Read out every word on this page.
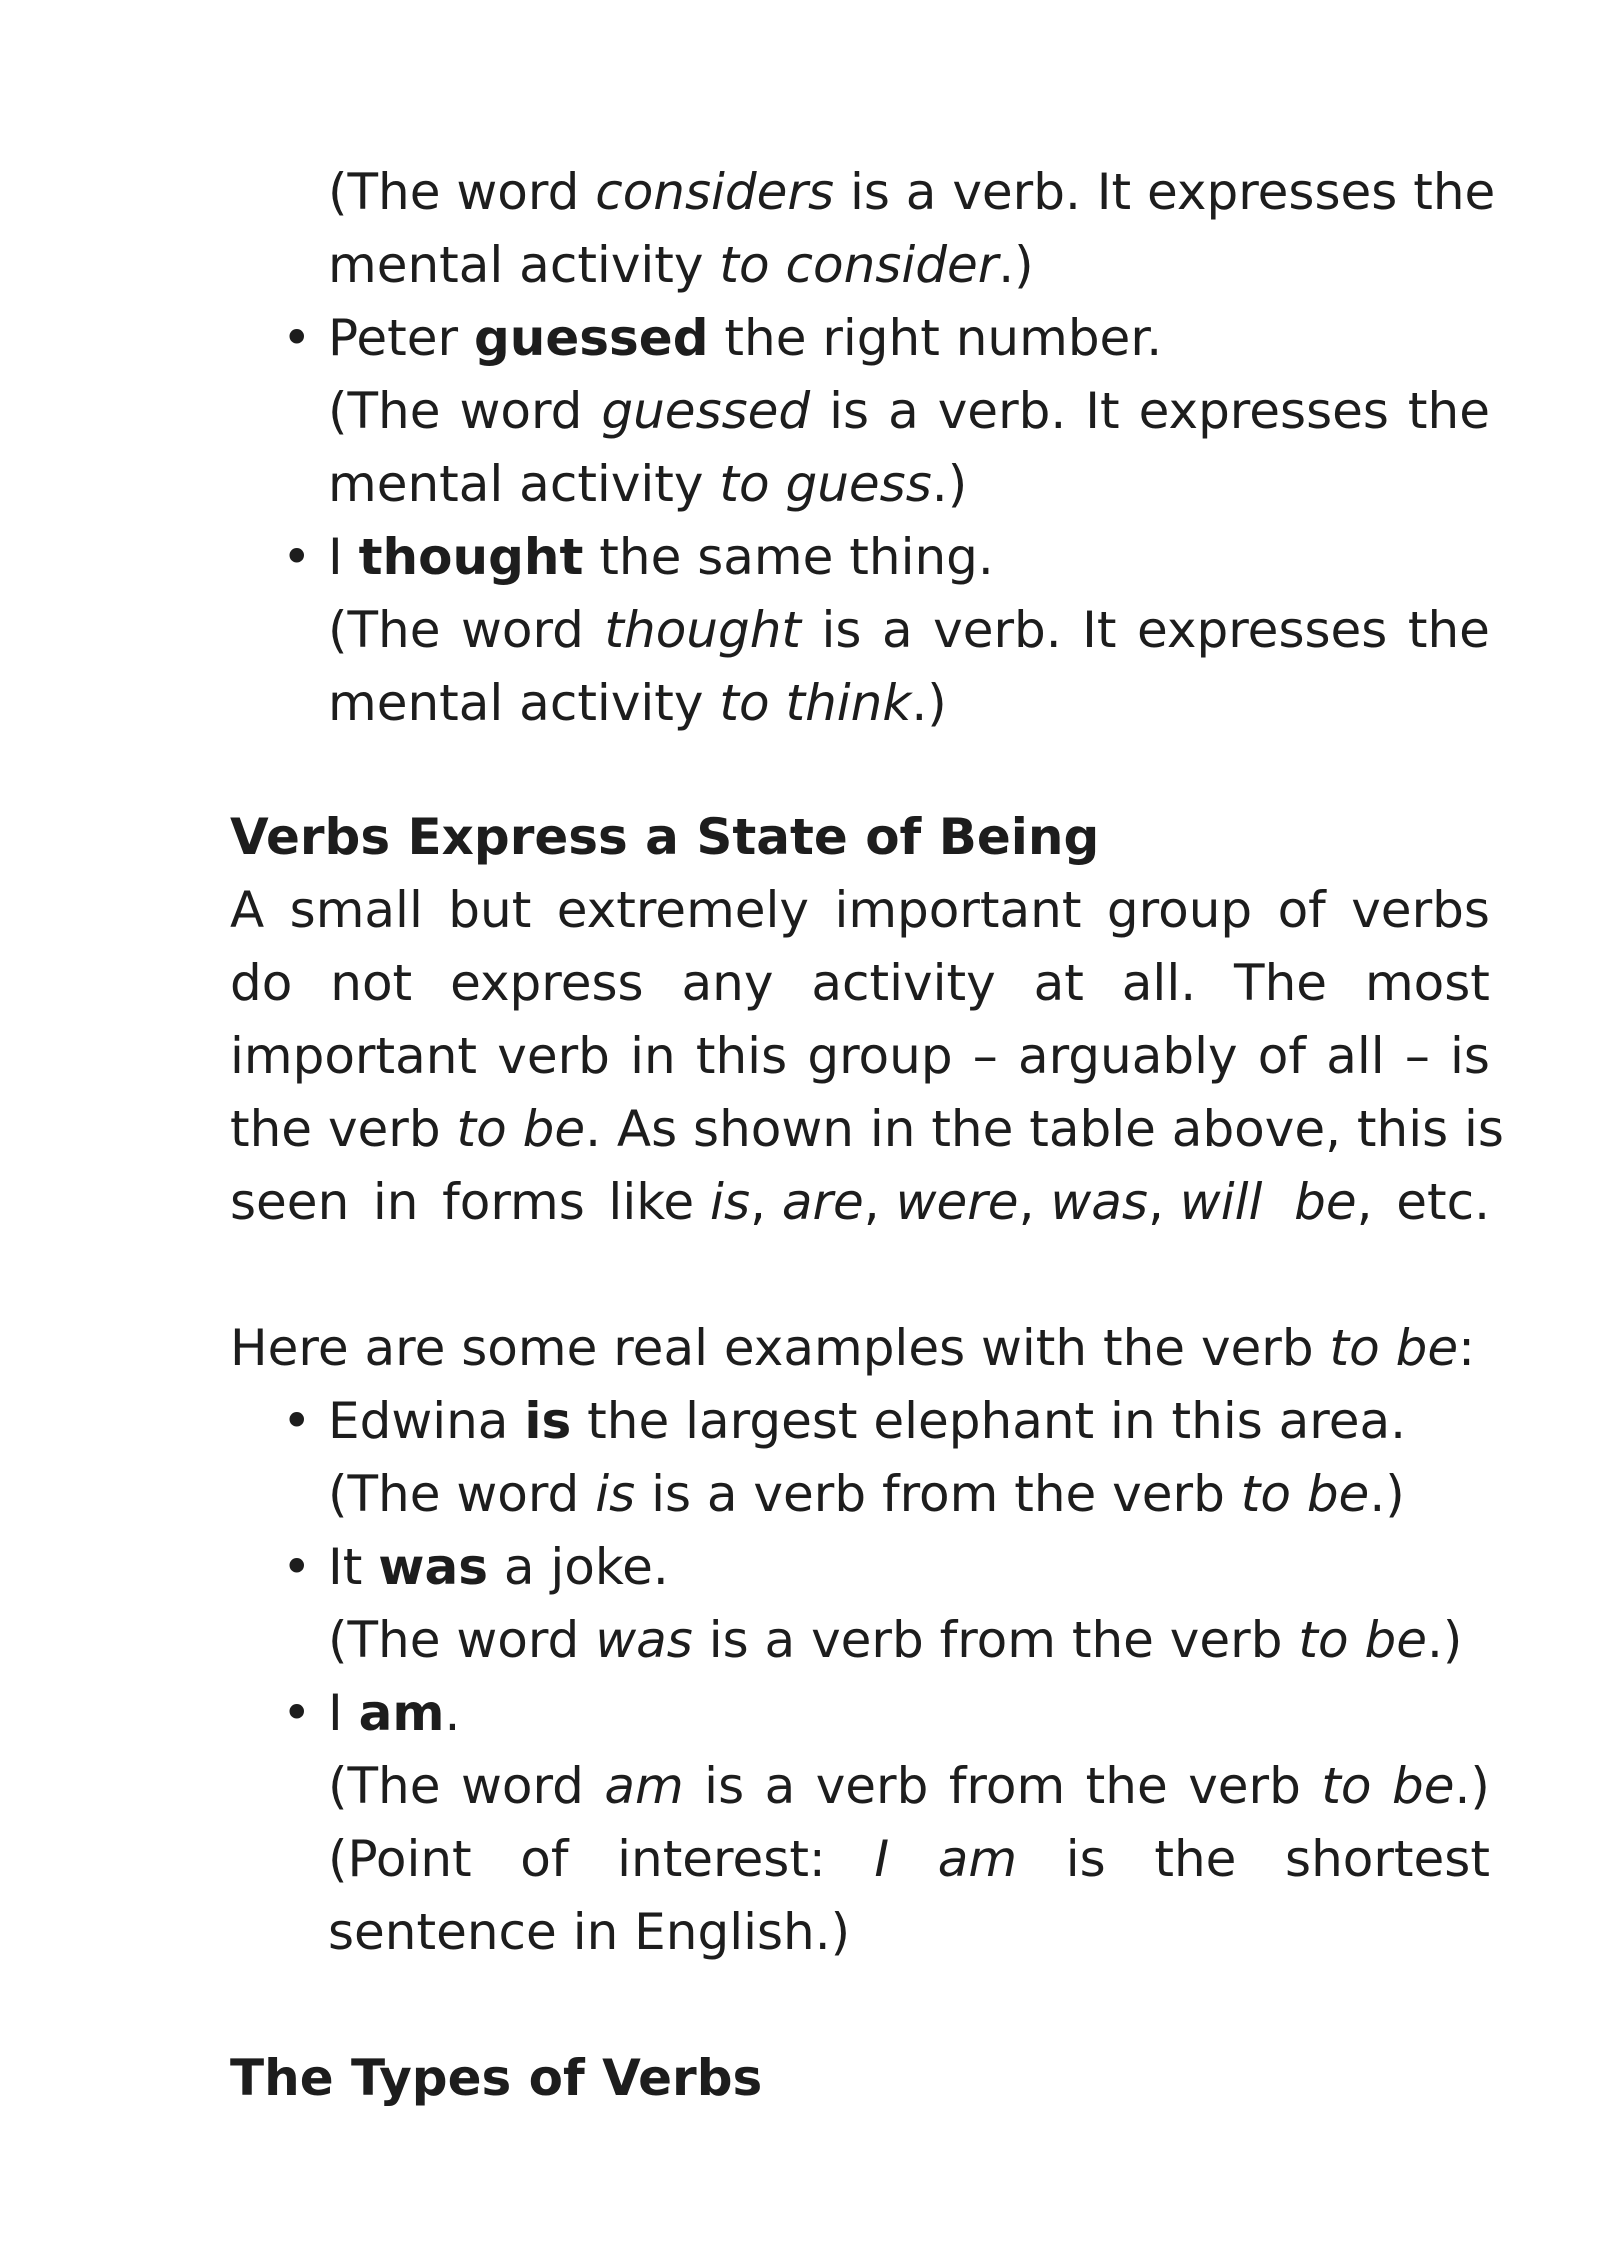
(The word considers is a verb. It expresses the
mental activity to consider.)
• Peter guessed the right number.
(The word guessed is a verb. It expresses the
mental activity to guess.)
• I thought the same thing.
(The word thought is a verb. It expresses the
mental activity to think.)
Verbs Express a State of Being
A small but extremely important group of verbs
do not express any activity at all. The most
important verb in this group – arguably of all – is
the verb to be. As shown in the table above, this is
seen in forms like is, are, were, was, will be, etc.
Here are some real examples with the verb to be:
• Edwina is the largest elephant in this area.
(The word is is a verb from the verb to be.)
• It was a joke.
(The word was is a verb from the verb to be.)
• I am.
(The word am is a verb from the verb to be.)
(Point of interest: I am is the shortest
sentence in English.)
The Types of Verbs
